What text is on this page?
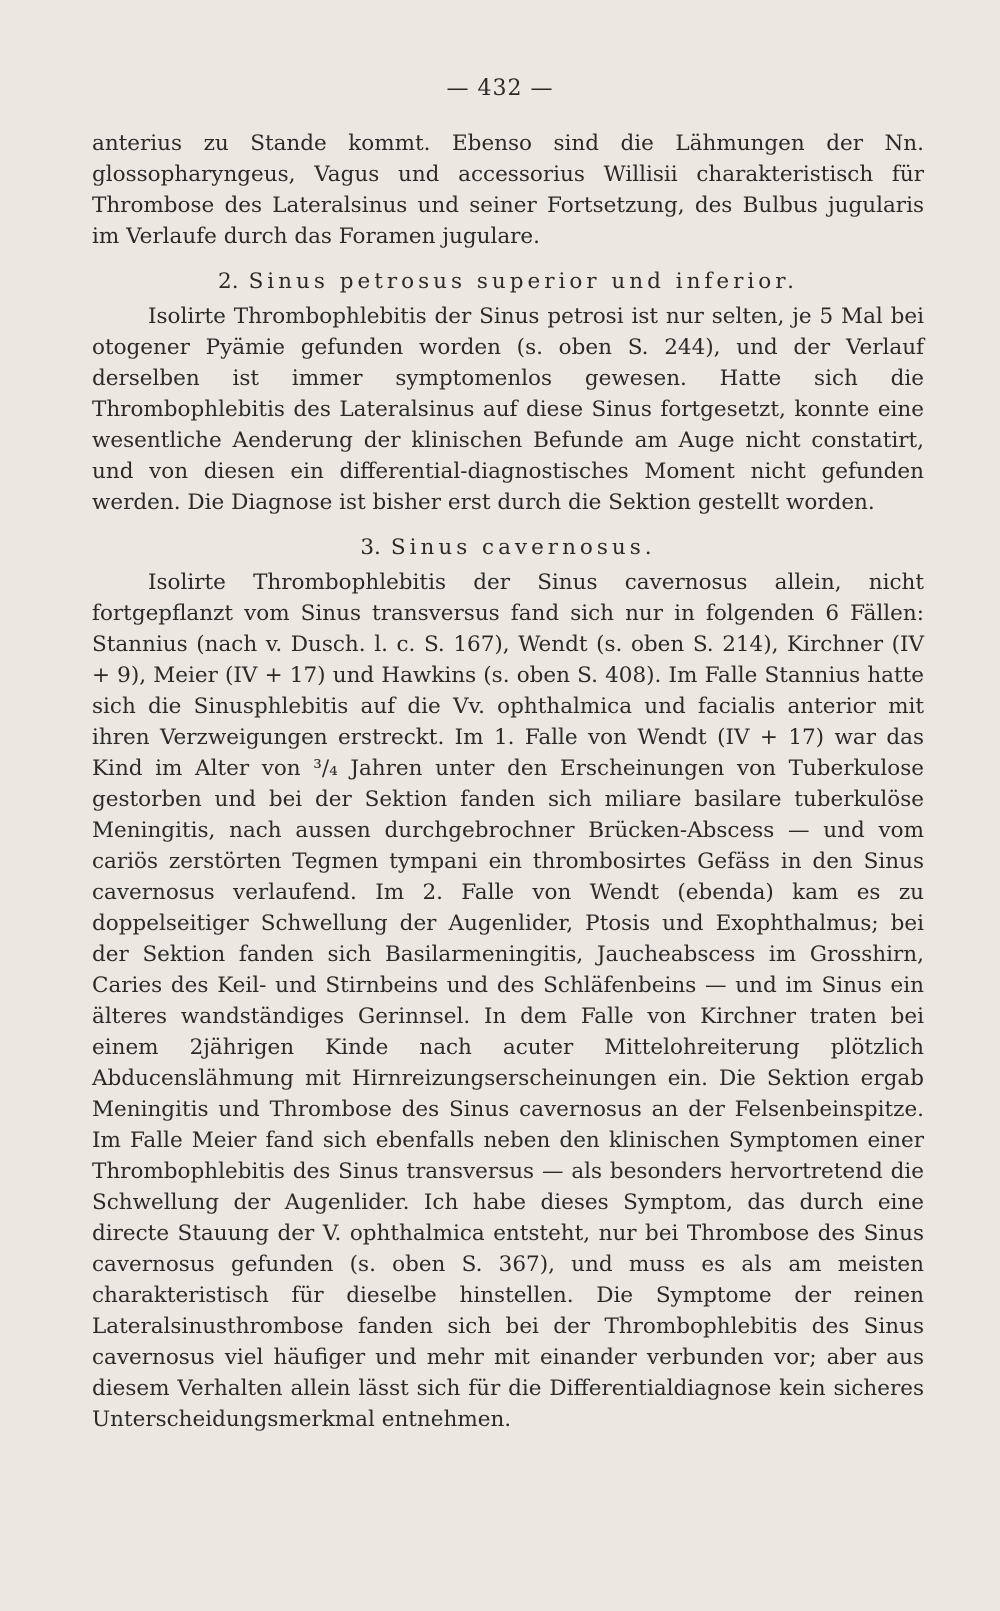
— 432 —

anterius zu Stande kommt. Ebenso sind die Lähmungen der Nn. glossopharyngeus, Vagus und accessorius Willisii charakteristisch für Thrombose des Lateralsinus und seiner Fortsetzung, des Bulbus jugularis im Verlaufe durch das Foramen jugulare.

2. Sinus petrosus superior und inferior.

Isolirte Thrombophlebitis der Sinus petrosi ist nur selten, je 5 Mal bei otogener Pyämie gefunden worden (s. oben S. 244), und der Verlauf derselben ist immer symptomenlos gewesen. Hatte sich die Thrombophlebitis des Lateralsinus auf diese Sinus fortgesetzt, konnte eine wesentliche Aenderung der klinischen Befunde am Auge nicht constatirt, und von diesen ein differential-diagnostisches Moment nicht gefunden werden. Die Diagnose ist bisher erst durch die Sektion gestellt worden.

3. Sinus cavernosus.

Isolirte Thrombophlebitis der Sinus cavernosus allein, nicht fortgepflanzt vom Sinus transversus fand sich nur in folgenden 6 Fällen: Stannius (nach v. Dusch. l. c. S. 167), Wendt (s. oben S. 214), Kirchner (IV + 9), Meier (IV + 17) und Hawkins (s. oben S. 408). Im Falle Stannius hatte sich die Sinusphlebitis auf die Vv. ophthalmica und facialis anterior mit ihren Verzweigungen erstreckt. Im 1. Falle von Wendt (IV + 17) war das Kind im Alter von ³/₄ Jahren unter den Erscheinungen von Tuberkulose gestorben und bei der Sektion fanden sich miliare basilare tuberkulöse Meningitis, nach aussen durchgebrochner Brücken-Abscess — und vom cariös zerstörten Tegmen tympani ein thrombosirtes Gefäss in den Sinus cavernosus verlaufend. Im 2. Falle von Wendt (ebenda) kam es zu doppelseitiger Schwellung der Augenlider, Ptosis und Exophthalmus; bei der Sektion fanden sich Basilarmeningitis, Jaucheabscess im Grosshirn, Caries des Keil- und Stirnbeins und des Schläfenbeins — und im Sinus ein älteres wandständiges Gerinnsel. In dem Falle von Kirchner traten bei einem 2jährigen Kinde nach acuter Mittelohreiterung plötzlich Abducenslähmung mit Hirnreizungserscheinungen ein. Die Sektion ergab Meningitis und Thrombose des Sinus cavernosus an der Felsenbeinspitze. Im Falle Meier fand sich ebenfalls neben den klinischen Symptomen einer Thrombophlebitis des Sinus transversus — als besonders hervortretend die Schwellung der Augenlider. Ich habe dieses Symptom, das durch eine directe Stauung der V. ophthalmica entsteht, nur bei Thrombose des Sinus cavernosus gefunden (s. oben S. 367), und muss es als am meisten charakteristisch für dieselbe hinstellen. Die Symptome der reinen Lateralsinusthrombose fanden sich bei der Thrombophlebitis des Sinus cavernosus viel häufiger und mehr mit einander verbunden vor; aber aus diesem Verhalten allein lässt sich für die Differentialdiagnose kein sicheres Unterscheidungsmerkmal entnehmen.
